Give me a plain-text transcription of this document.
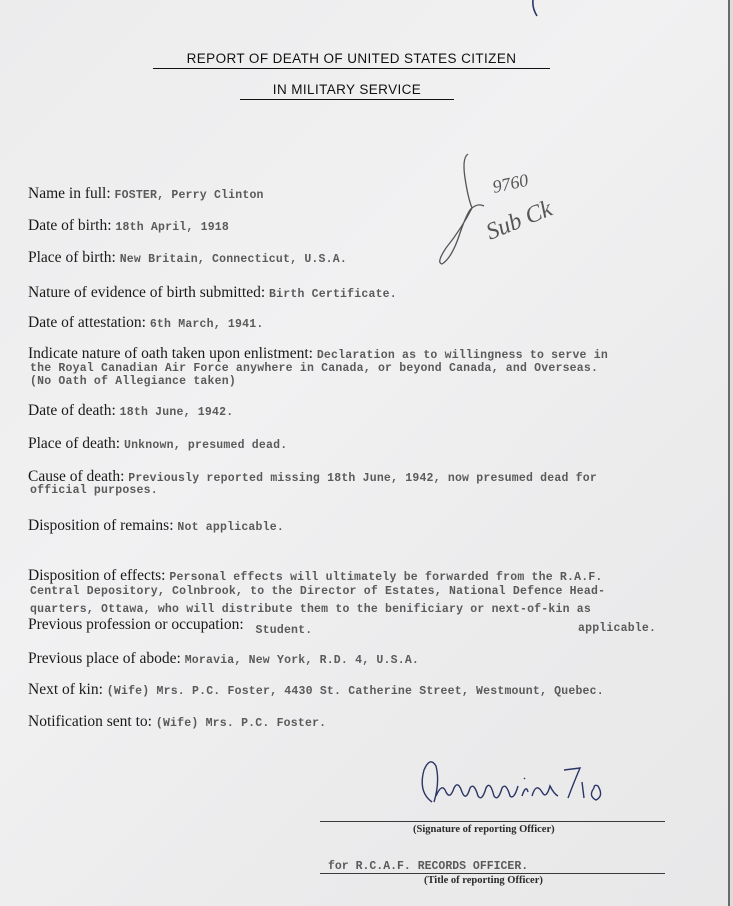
REPORT OF DEATH OF UNITED STATES CITIZEN
IN MILITARY SERVICE
9760
Sub Ck
Name in full: FOSTER, Perry Clinton
Date of birth: 18th April, 1918
Place of birth: New Britain, Connecticut, U.S.A.
Nature of evidence of birth submitted: Birth Certificate.
Date of attestation: 6th March, 1941.
Indicate nature of oath taken upon enlistment: Declaration as to willingness to serve in
the Royal Canadian Air Force anywhere in Canada, or beyond Canada, and Overseas.
(No Oath of Allegiance taken)
Date of death: 18th June, 1942.
Place of death: Unknown, presumed dead.
Cause of death: Previously reported missing 18th June, 1942, now presumed dead for
official purposes.
Disposition of remains: Not applicable.
Disposition of effects: Personal effects will ultimately be forwarded from the R.A.F.
Central Depository, Colnbrook, to the Director of Estates, National Defence Head-
quarters, Ottawa, who will distribute them to the benificiary or next-of-kin as
applicable.
Previous profession or occupation: $_{Student.}$
Previous place of abode: Moravia, New York, R.D. 4, U.S.A.
Next of kin: (Wife) Mrs. P.C. Foster, 4430 St. Catherine Street, Westmount, Quebec.
Notification sent to: (Wife) Mrs. P.C. Foster.
(Signature of reporting Officer)
for R.C.A.F. RECORDS OFFICER.
(Title of reporting Officer)
